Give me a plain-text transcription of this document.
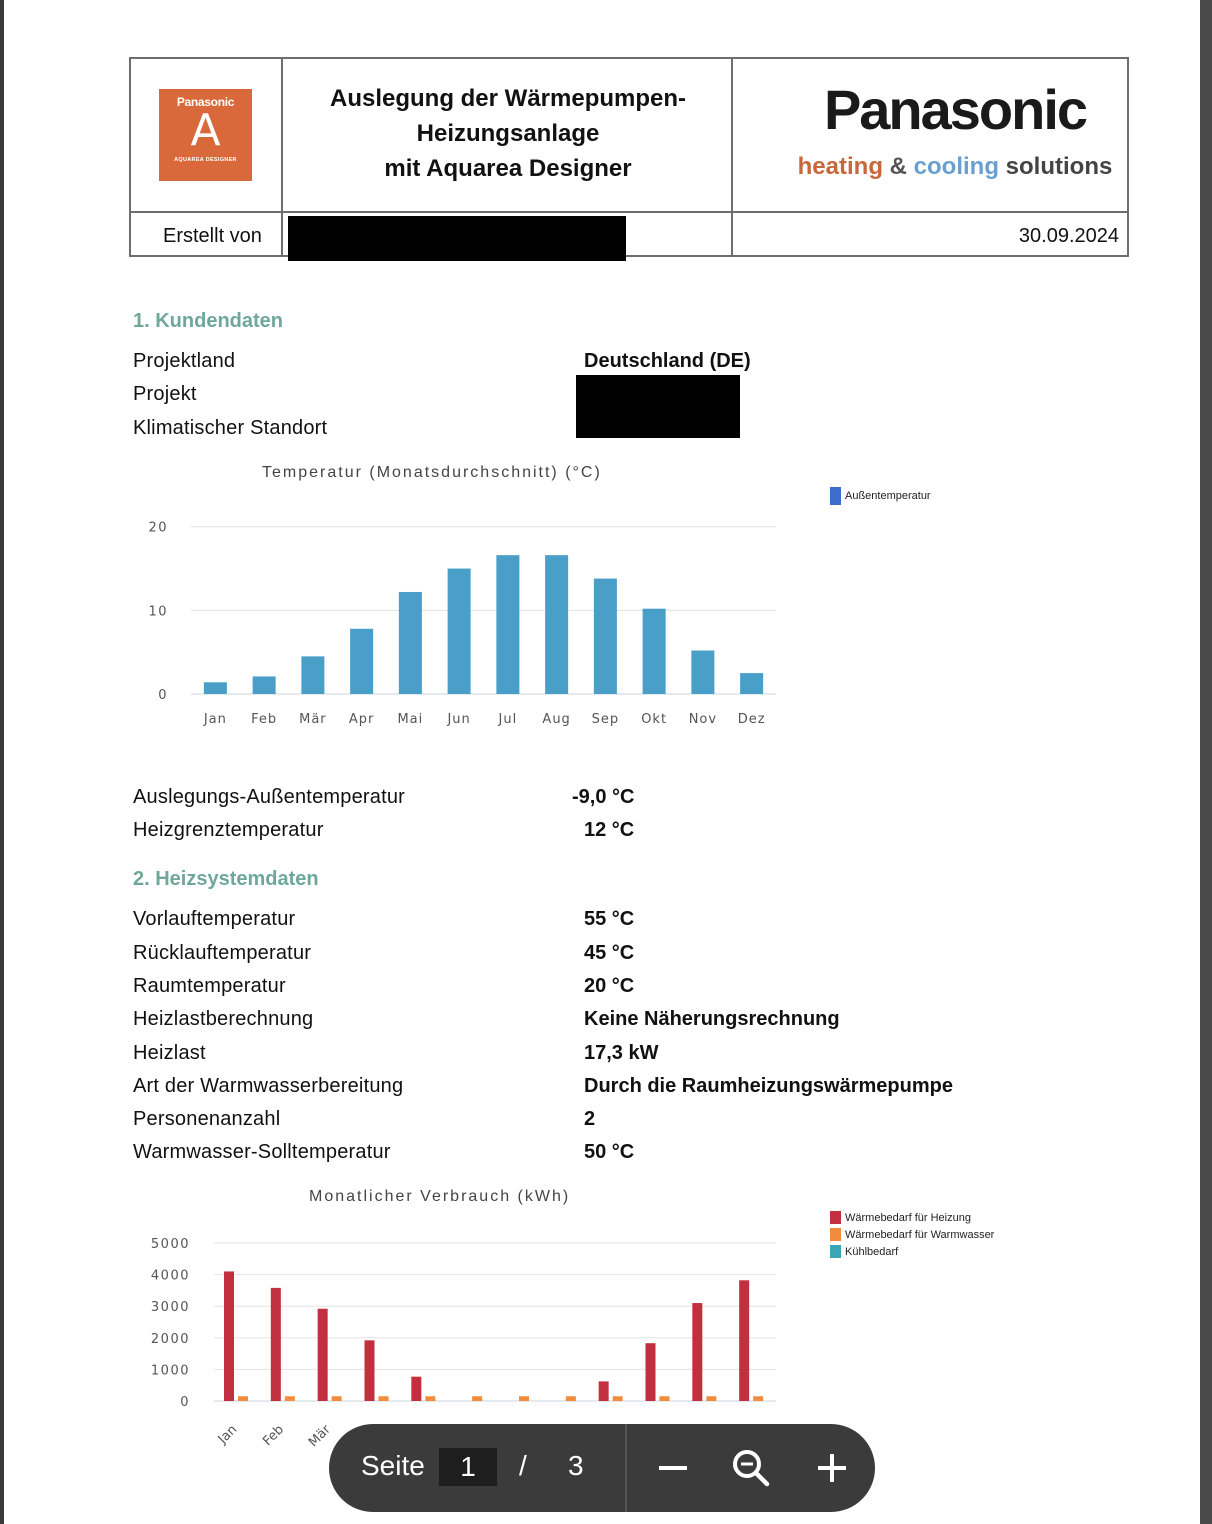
Panasonic
A
AQUAREA DESIGNER
Auslegung der Wärmepumpen-
Heizungsanlage
mit Aquarea Designer
Panasonic
heating & cooling solutions
Erstellt von	30.09.2024
1. Kundendaten
Projektland	Deutschland (DE)
Projekt
Klimatischer Standort
Temperatur (Monatsdurchschnitt) (°C)
0
10
20
Jan Feb Mär Apr Mai Jun Jul Aug Sep Okt Nov Dez
Außentemperatur
Auslegungs-Außentemperatur	-9,0 °C
Heizgrenztemperatur	12 °C
2. Heizsystemdaten
Vorlauftemperatur	55 °C
Rücklauftemperatur	45 °C
Raumtemperatur	20 °C
Heizlastberechnung	Keine Näherungsrechnung
Heizlast	17,3 kW
Art der Warmwasserbereitung	Durch die Raumheizungswärmepumpe
Personenanzahl	2
Warmwasser-Solltemperatur	50 °C
Monatlicher Verbrauch (kWh)
0
1000
2000
3000
4000
5000
Jan Feb Mär
Wärmebedarf für Heizung
Wärmebedarf für Warmwasser
Kühlbedarf
Seite	1	/ 3
